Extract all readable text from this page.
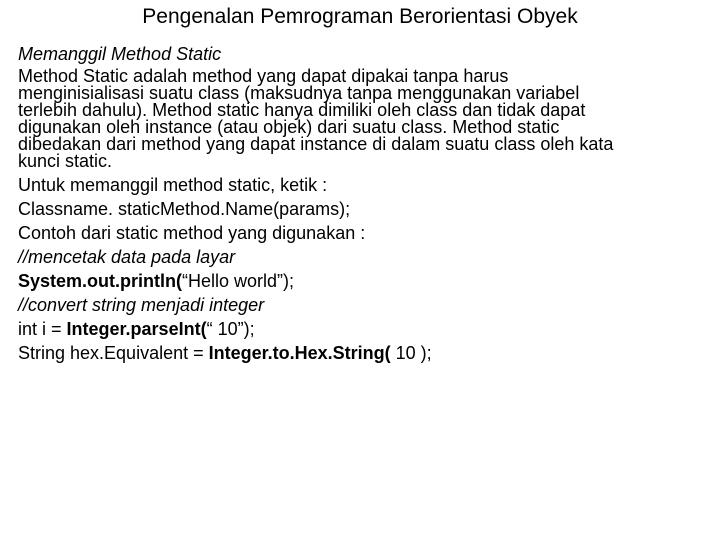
Pengenalan Pemrograman Berorientasi Obyek
Memanggil Method Static
Method Static adalah method yang dapat dipakai tanpa harus
menginisialisasi suatu class (maksudnya tanpa menggunakan variabel
terlebih dahulu). Method static hanya dimiliki oleh class dan tidak dapat
digunakan oleh instance (atau objek) dari suatu class. Method static
dibedakan dari method yang dapat instance di dalam suatu class oleh kata
kunci static.
Untuk memanggil method static, ketik :
Classname. staticMethod.Name(params);
Contoh dari static method yang digunakan :
//mencetak data pada layar
System.out.println(“Hello world”);
//convert string menjadi integer
int i = Integer.parseInt(“ 10”);
String hex.Equivalent = Integer.to.Hex.String( 10 );
